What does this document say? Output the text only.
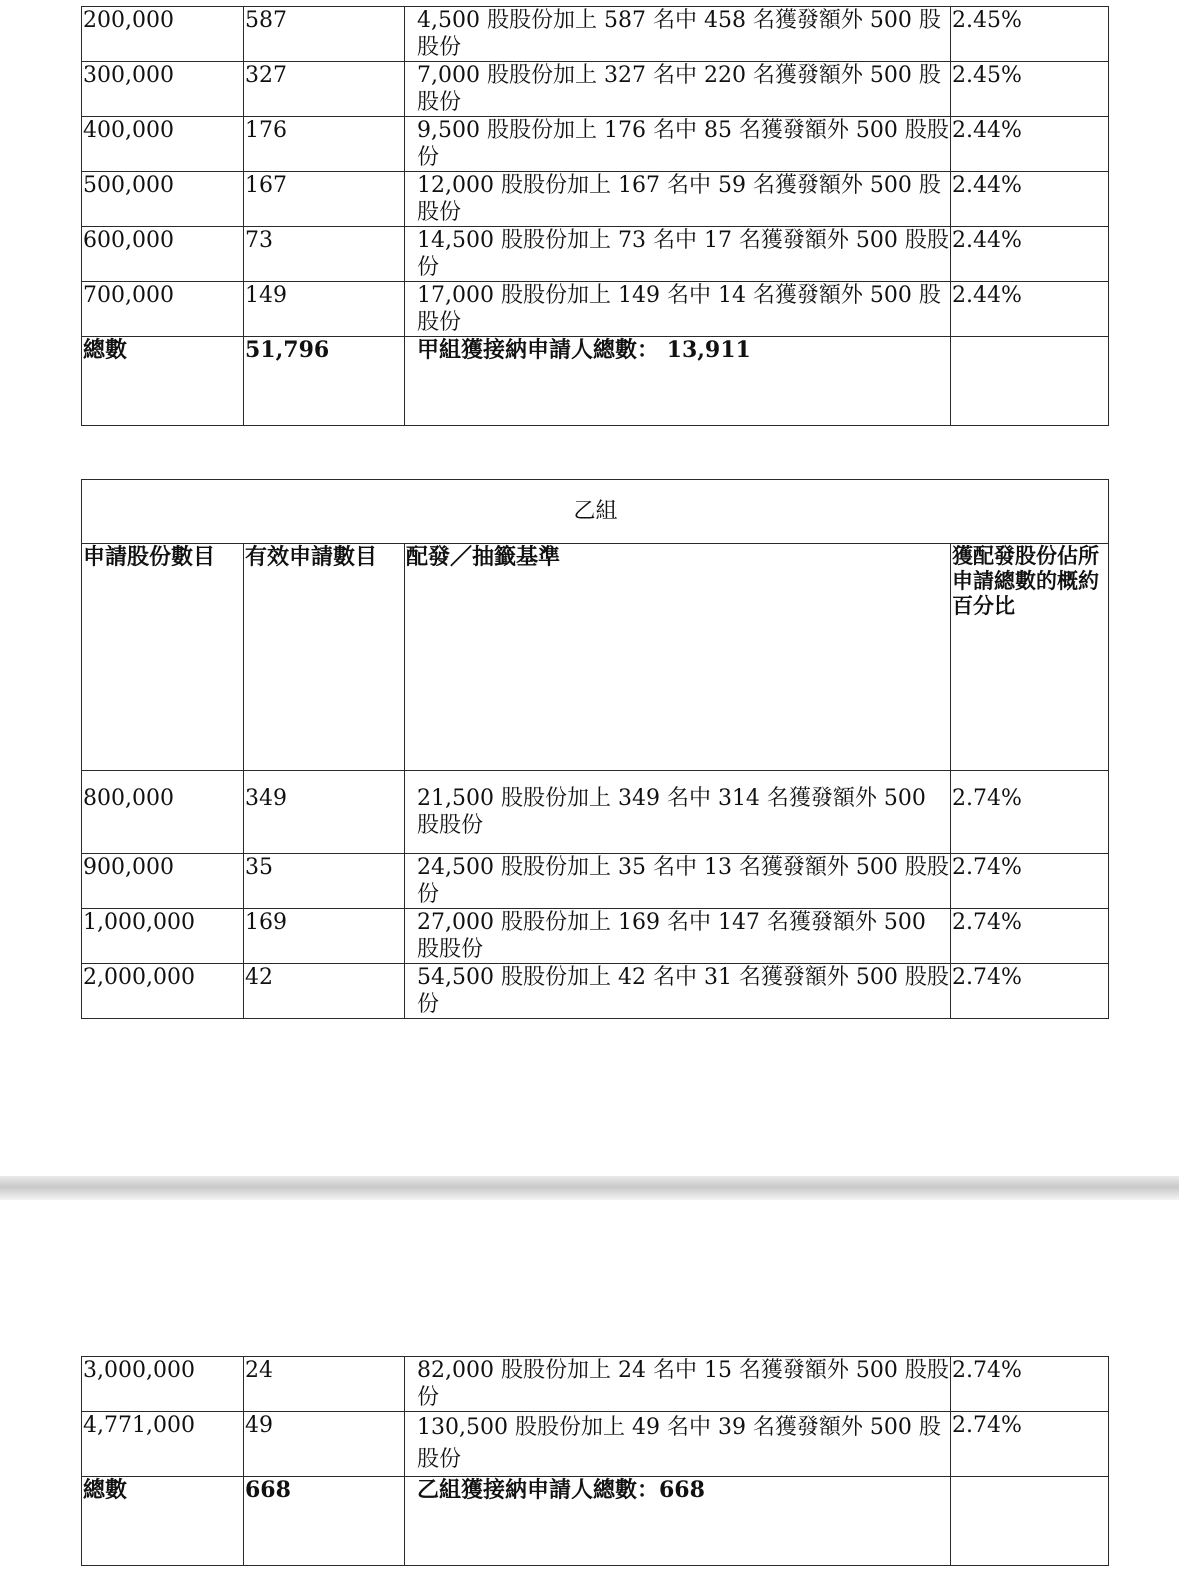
200,000	587	4,500 股股份加上 587 名中 458 名獲發額外 500 股股份	2.45%
300,000	327	7,000 股股份加上 327 名中 220 名獲發額外 500 股股份	2.45%
400,000	176	9,500 股股份加上 176 名中 85 名獲發額外 500 股股份	2.44%
500,000	167	12,000 股股份加上 167 名中 59 名獲發額外 500 股股份	2.44%
600,000	73	14,500 股股份加上 73 名中 17 名獲發額外 500 股股份	2.44%
700,000	149	17,000 股股份加上 149 名中 14 名獲發額外 500 股股份	2.44%
總數	51,796	甲組獲接納申請人總數： 13,911	
乙組			
申請股份數目	有效申請數目	配發／抽籤基準	獲配發股份佔所申請總數的概約百分比
800,000	349	21,500 股股份加上 349 名中 314 名獲發額外 500 股股份	2.74%
900,000	35	24,500 股股份加上 35 名中 13 名獲發額外 500 股股份	2.74%
1,000,000	169	27,000 股股份加上 169 名中 147 名獲發額外 500 股股份	2.74%
2,000,000	42	54,500 股股份加上 42 名中 31 名獲發額外 500 股股份	2.74%
3,000,000	24	82,000 股股份加上 24 名中 15 名獲發額外 500 股股份	2.74%
4,771,000	49	130,500 股股份加上 49 名中 39 名獲發額外 500 股股份	2.74%
總數	668	乙組獲接納申請人總數：668	
